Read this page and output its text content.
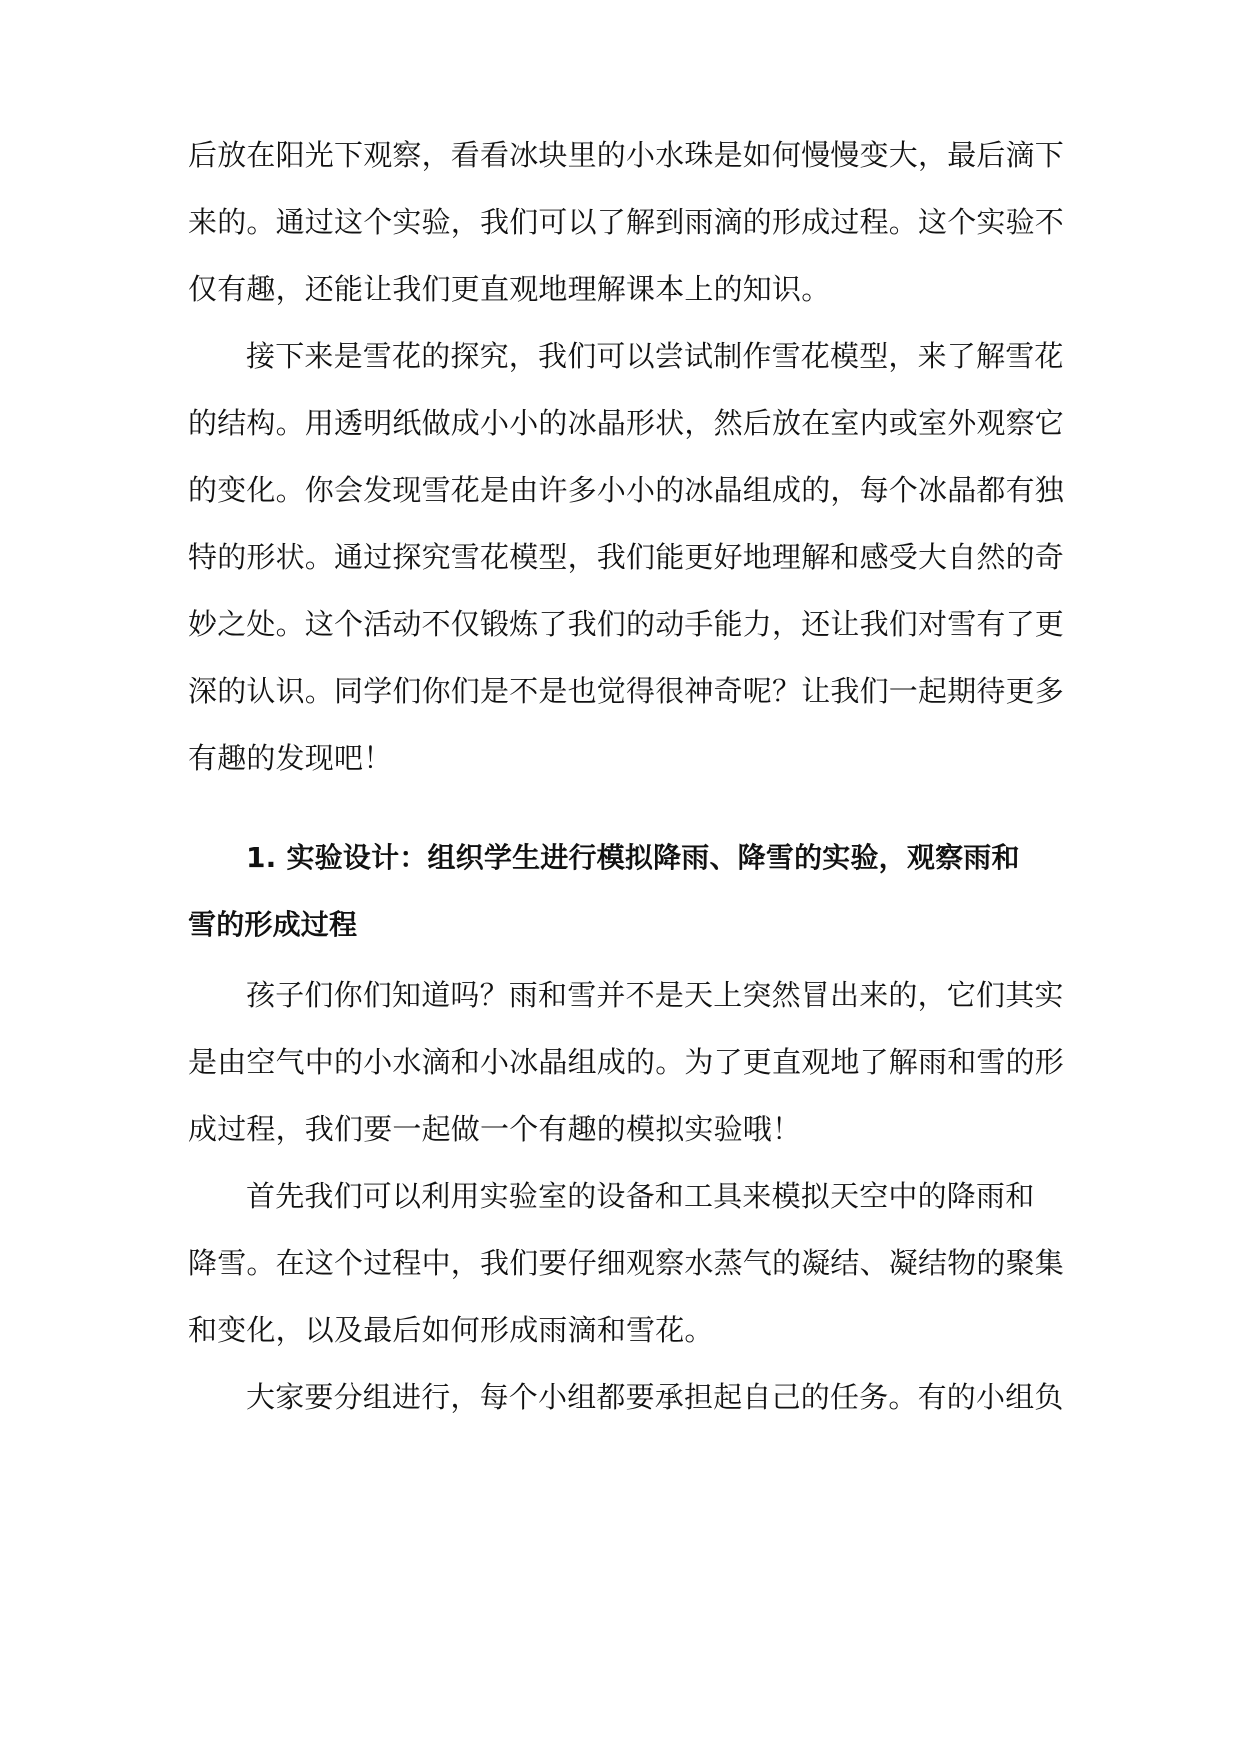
后放在阳光下观察，看看冰块里的小水珠是如何慢慢变大，最后滴下
来的。通过这个实验，我们可以了解到雨滴的形成过程。这个实验不
仅有趣，还能让我们更直观地理解课本上的知识。
接下来是雪花的探究，我们可以尝试制作雪花模型，来了解雪花
的结构。用透明纸做成小小的冰晶形状，然后放在室内或室外观察它
的变化。你会发现雪花是由许多小小的冰晶组成的，每个冰晶都有独
特的形状。通过探究雪花模型，我们能更好地理解和感受大自然的奇
妙之处。这个活动不仅锻炼了我们的动手能力，还让我们对雪有了更
深的认识。同学们你们是不是也觉得很神奇呢？让我们一起期待更多
有趣的发现吧！
1. 实验设计：组织学生进行模拟降雨、降雪的实验，观察雨和
雪的形成过程
孩子们你们知道吗？雨和雪并不是天上突然冒出来的，它们其实
是由空气中的小水滴和小冰晶组成的。为了更直观地了解雨和雪的形
成过程，我们要一起做一个有趣的模拟实验哦！
首先我们可以利用实验室的设备和工具来模拟天空中的降雨和
降雪。在这个过程中，我们要仔细观察水蒸气的凝结、凝结物的聚集
和变化，以及最后如何形成雨滴和雪花。
大家要分组进行，每个小组都要承担起自己的任务。有的小组负
